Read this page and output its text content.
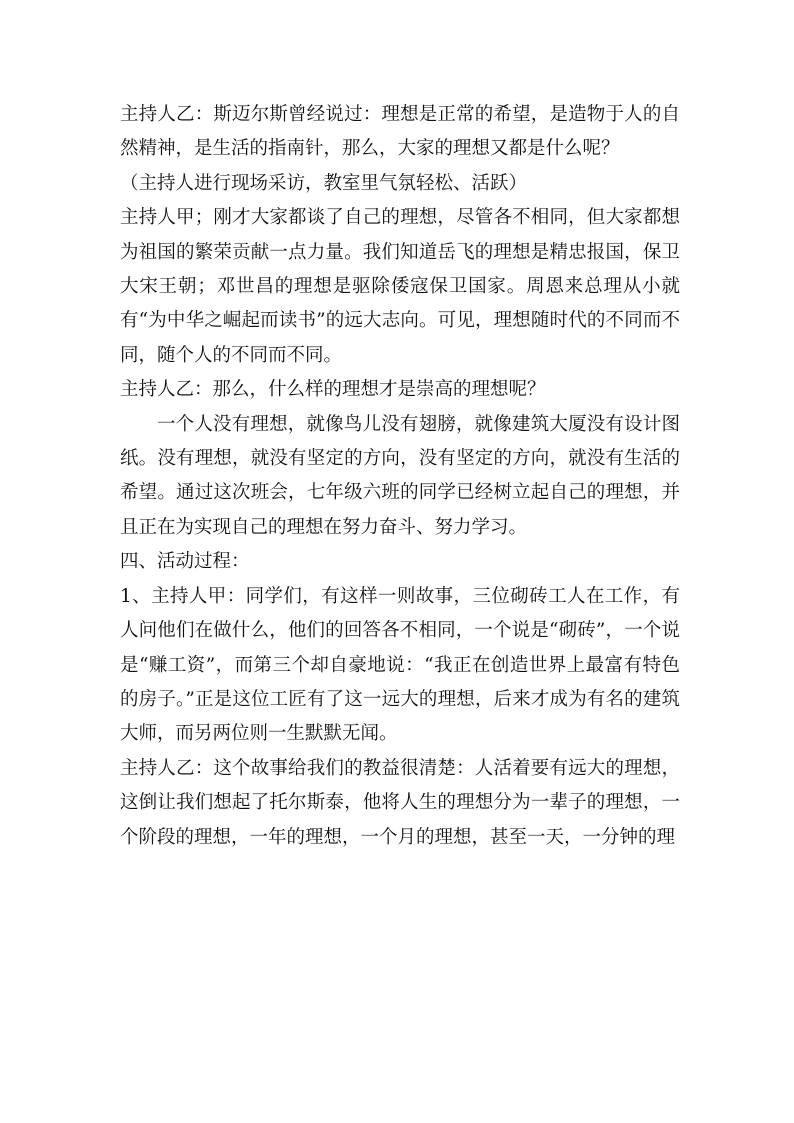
主持人乙：斯迈尔斯曾经说过：理想是正常的希望，是造物于人的自然精神，是生活的指南针，那么，大家的理想又都是什么呢？

（主持人进行现场采访，教室里气氛轻松、活跃）

主持人甲；刚才大家都谈了自己的理想，尽管各不相同，但大家都想为祖国的繁荣贡献一点力量。我们知道岳飞的理想是精忠报国，保卫大宋王朝；邓世昌的理想是驱除倭寇保卫国家。周恩来总理从小就有“为中华之崛起而读书”的远大志向。可见，理想随时代的不同而不同，随个人的不同而不同。

主持人乙：那么，什么样的理想才是崇高的理想呢？

一个人没有理想，就像鸟儿没有翅膀，就像建筑大厦没有设计图纸。没有理想，就没有坚定的方向，没有坚定的方向，就没有生活的希望。通过这次班会，七年级六班的同学已经树立起自己的理想，并且正在为实现自己的理想在努力奋斗、努力学习。

四、活动过程：

1、主持人甲：同学们，有这样一则故事，三位砌砖工人在工作，有人问他们在做什么，他们的回答各不相同，一个说是“砌砖”，一个说是“赚工资”，而第三个却自豪地说：“我正在创造世界上最富有特色的房子。”正是这位工匠有了这一远大的理想，后来才成为有名的建筑大师，而另两位则一生默默无闻。

主持人乙：这个故事给我们的教益很清楚：人活着要有远大的理想，这倒让我们想起了托尔斯泰，他将人生的理想分为一辈子的理想，一个阶段的理想，一年的理想，一个月的理想，甚至一天，一分钟的理
